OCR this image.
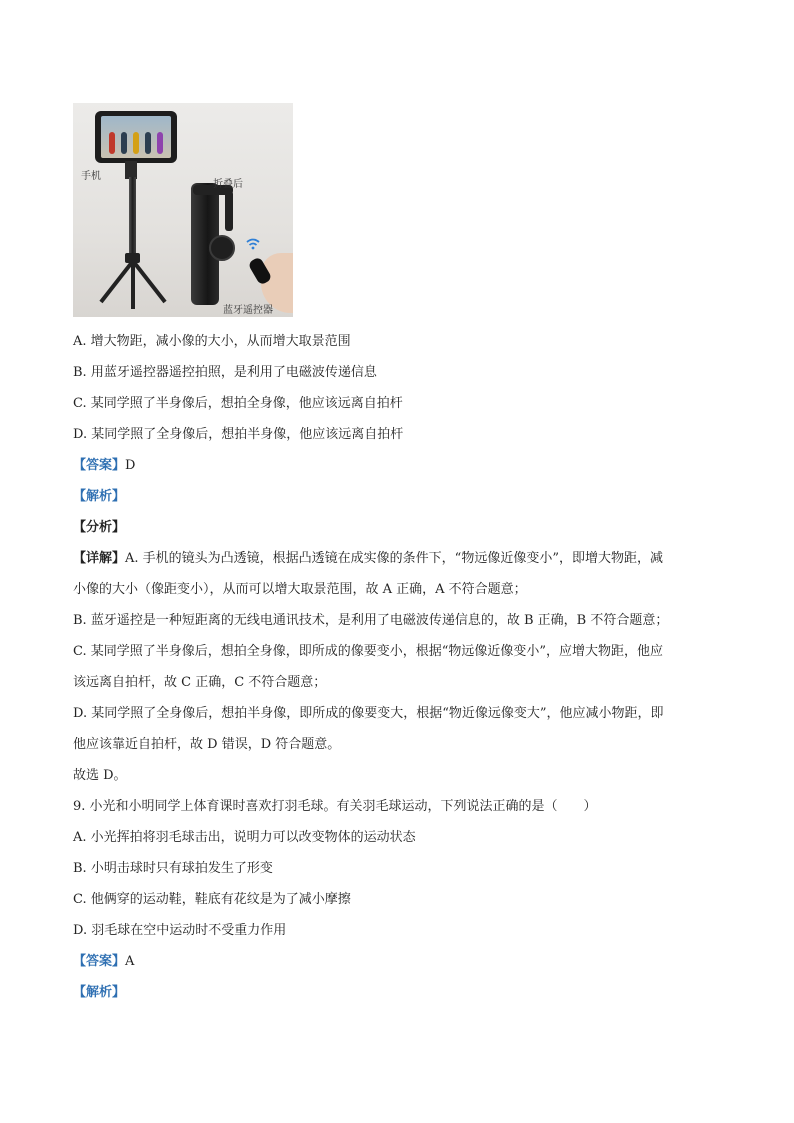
手机
折叠后
蓝牙遥控器
A. 增大物距，减小像的大小，从而增大取景范围
B. 用蓝牙遥控器遥控拍照，是利用了电磁波传递信息
C. 某同学照了半身像后，想拍全身像，他应该远离自拍杆
D. 某同学照了全身像后，想拍半身像，他应该远离自拍杆
【答案】D
【解析】
【分析】
【详解】A. 手机的镜头为凸透镜，根据凸透镜在成实像的条件下，“物远像近像变小”，即增大物距，减
小像的大小（像距变小），从而可以增大取景范围，故 A 正确，A 不符合题意；
B. 蓝牙遥控是一种短距离的无线电通讯技术，是利用了电磁波传递信息的，故 B 正确，B 不符合题意；
C. 某同学照了半身像后，想拍全身像，即所成的像要变小，根据“物远像近像变小”，应增大物距，他应
该远离自拍杆，故 C 正确，C 不符合题意；
D. 某同学照了全身像后，想拍半身像，即所成的像要变大，根据“物近像远像变大”，他应减小物距，即
他应该靠近自拍杆，故 D 错误，D 符合题意。
故选 D。
9. 小光和小明同学上体育课时喜欢打羽毛球。有关羽毛球运动，下列说法正确的是（　　）
A. 小光挥拍将羽毛球击出，说明力可以改变物体的运动状态
B. 小明击球时只有球拍发生了形变
C. 他俩穿的运动鞋，鞋底有花纹是为了减小摩擦
D. 羽毛球在空中运动时不受重力作用
【答案】A
【解析】
